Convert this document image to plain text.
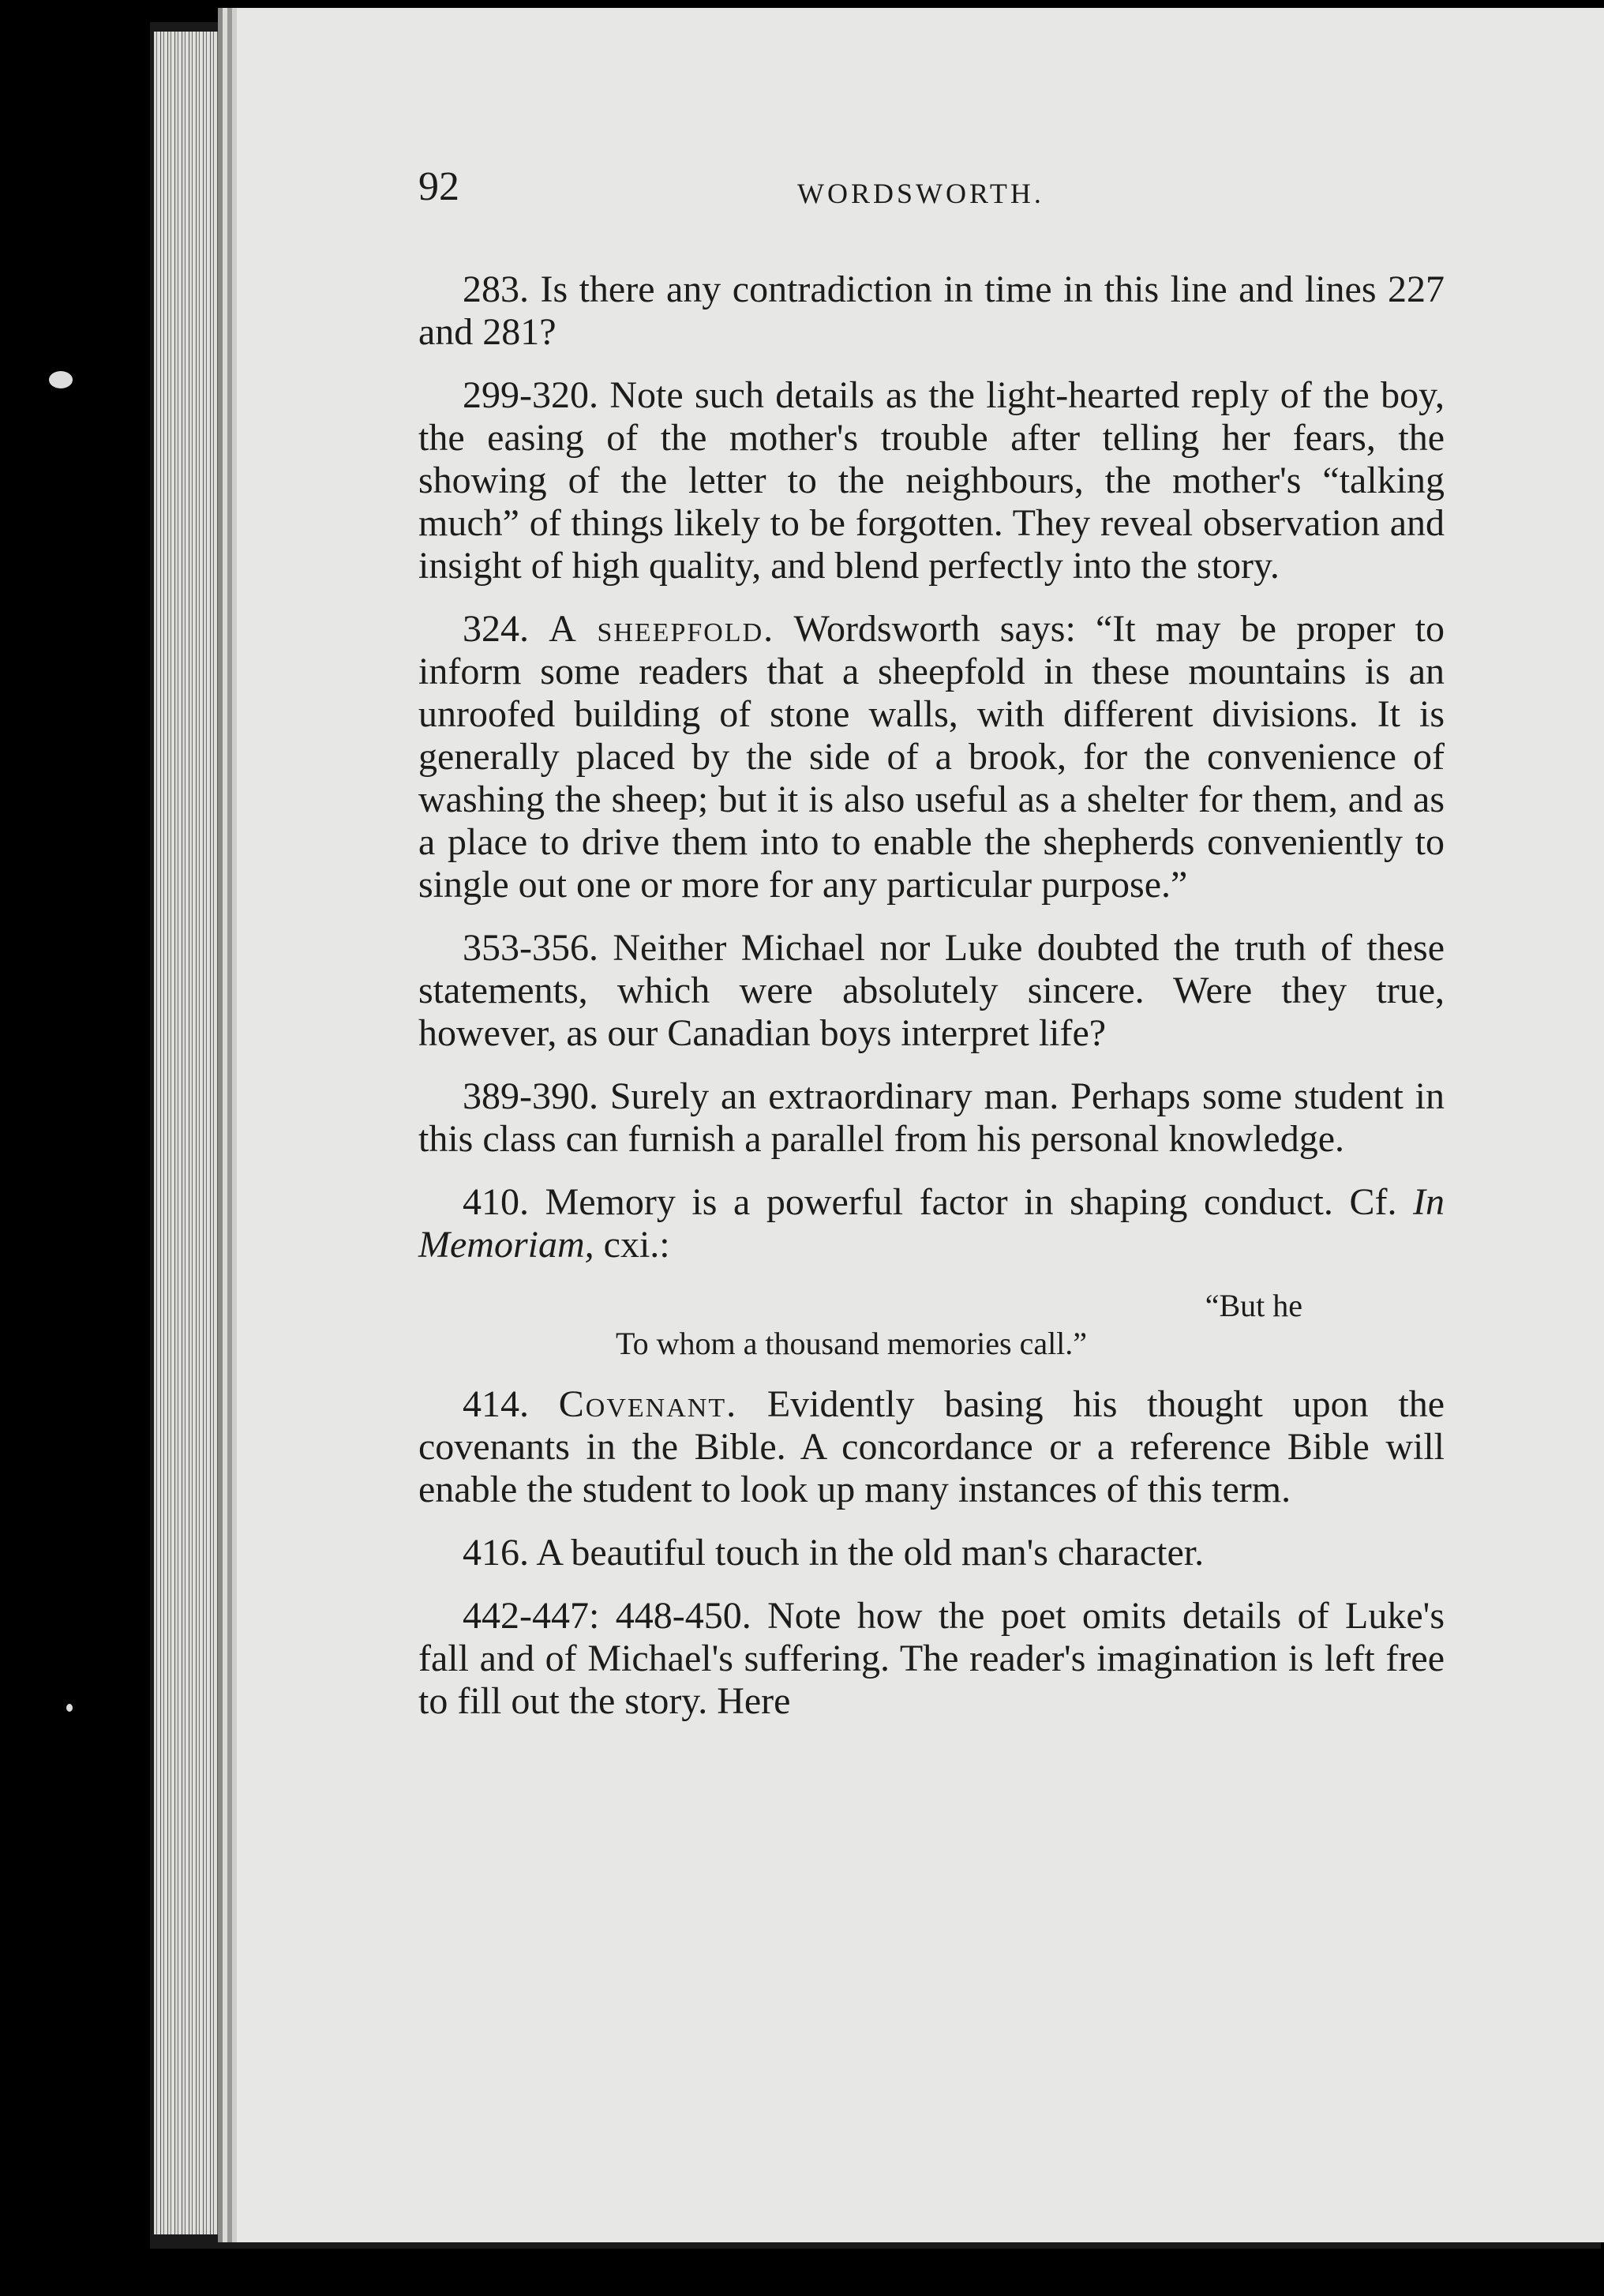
92	WORDSWORTH.

283. Is there any contradiction in time in this line and lines 227 and 281?

299-320. Note such details as the light-hearted reply of the boy, the easing of the mother's trouble after telling her fears, the showing of the letter to the neighbours, the mother's “talking much” of things likely to be forgotten. They reveal observation and insight of high quality, and blend perfectly into the story.

324. A sheepfold. Wordsworth says: “It may be proper to inform some readers that a sheepfold in these mountains is an unroofed building of stone walls, with different divisions. It is generally placed by the side of a brook, for the convenience of washing the sheep; but it is also useful as a shelter for them, and as a place to drive them into to enable the shepherds conveniently to single out one or more for any particular purpose.”

353-356. Neither Michael nor Luke doubted the truth of these statements, which were absolutely sincere. Were they true, however, as our Canadian boys interpret life?

389-390. Surely an extraordinary man. Perhaps some student in this class can furnish a parallel from his personal knowledge.

410. Memory is a powerful factor in shaping conduct. Cf. In Memoriam, cxi.:

“But he
To whom a thousand memories call.”

414. Covenant. Evidently basing his thought upon the covenants in the Bible. A concordance or a reference Bible will enable the student to look up many instances of this term.

416. A beautiful touch in the old man's character.

442-447: 448-450. Note how the poet omits details of Luke's fall and of Michael's suffering. The reader's imagination is left free to fill out the story. Here
